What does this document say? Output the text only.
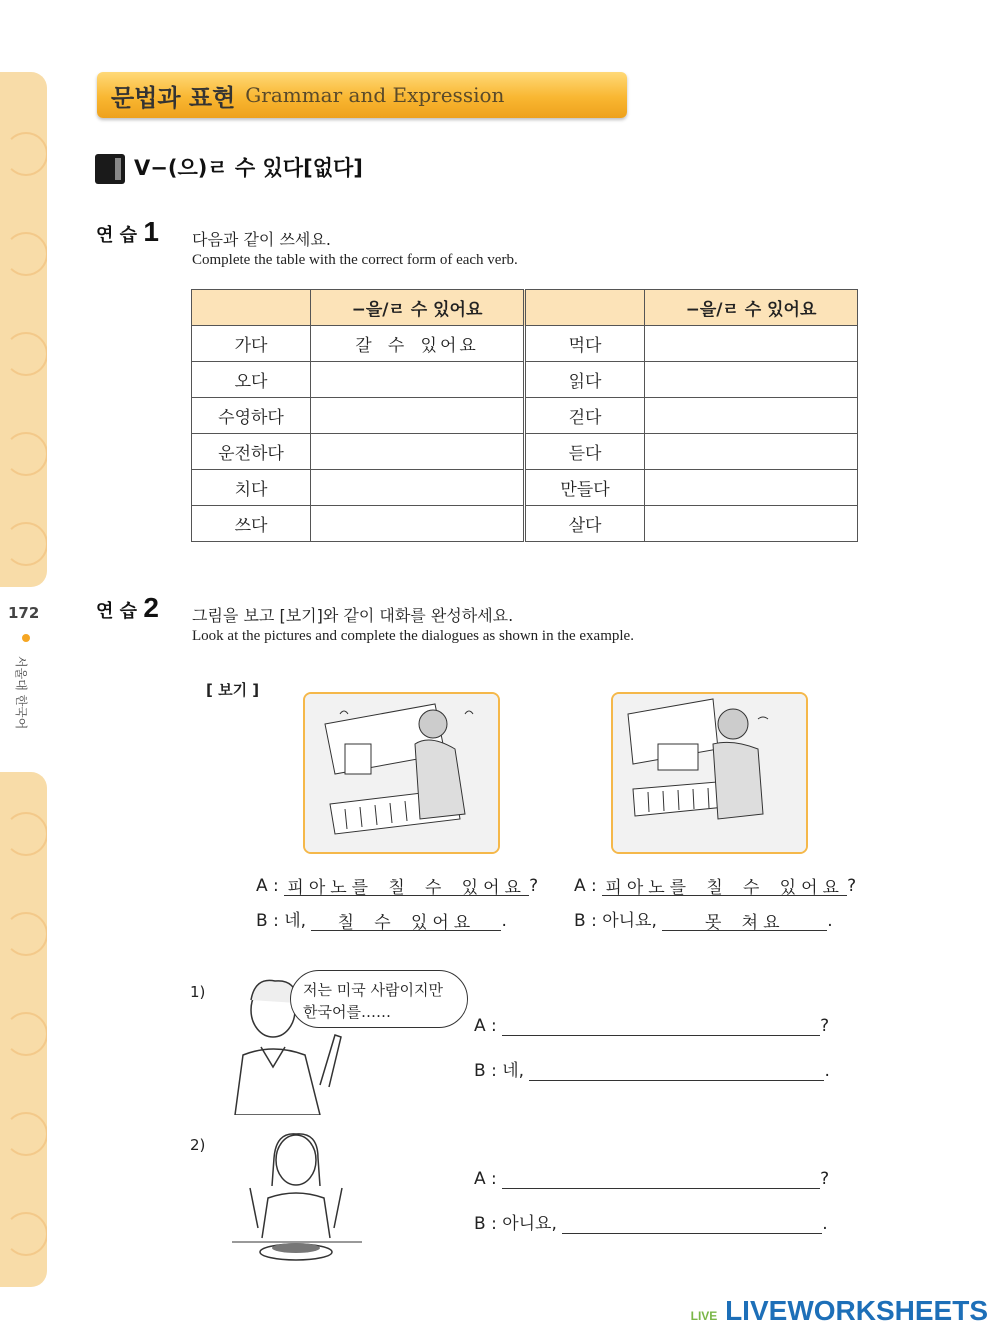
172
서울대 한국어
문법과 표현 Grammar and Expression
V−(으)ㄹ 수 있다[없다]
연 습 1 다음과 같이 쓰세요.
Complete the table with the correct form of each verb.
	−을/ㄹ 수 있어요		−을/ㄹ 수 있어요
가다	갈 수 있어요	먹다	
오다		읽다	
수영하다		걷다	
운전하다		듣다	
치다		만들다	
쓰다		살다	
연 습 2 그림을 보고 [보기]와 같이 대화를 완성하세요.
Look at the pictures and complete the dialogues as shown in the example.
[ 보기 ]
A : 피아노를 칠 수 있어요 ?
B : 네, 칠 수 있어요 .
A : 피아노를 칠 수 있어요 ?
B : 아니요,	못 쳐요	.
1)	저는 미국 사람이지만
한국어를……
A :	?
B : 네,	.
2)
A :	?
B : 아니요,	.
LIVE LIVEWORKSHEETS
